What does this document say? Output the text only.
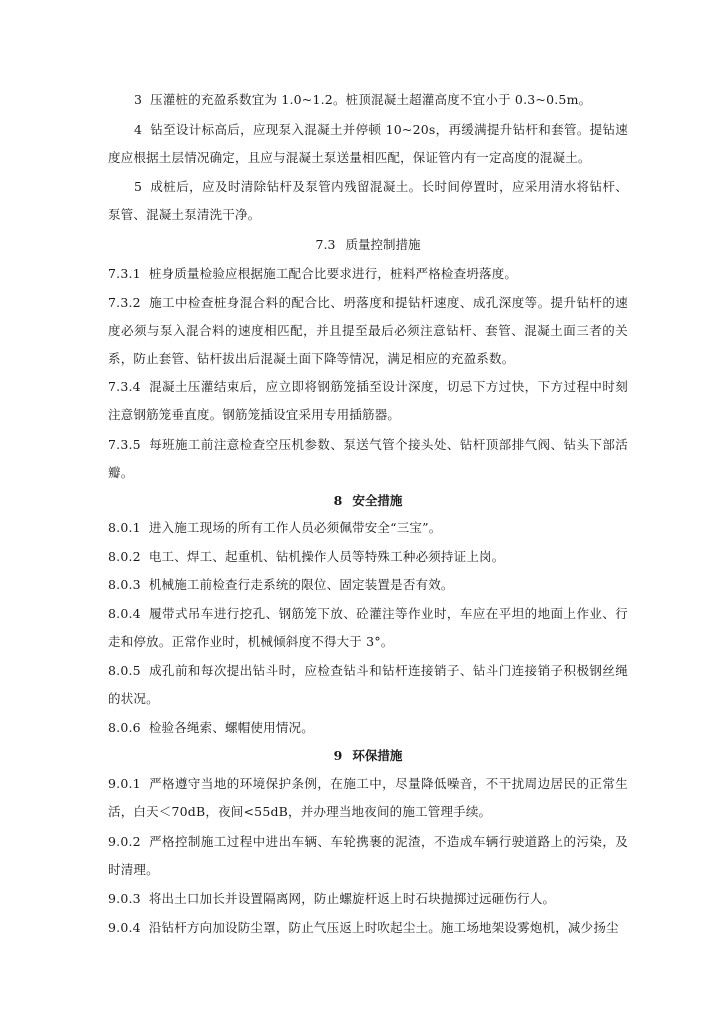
3 压灌桩的充盈系数宜为 1.0~1.2。桩顶混凝土超灌高度不宜小于 0.3~0.5m。
4 钻至设计标高后，应现泵入混凝土并停顿 10~20s，再缓满提升钻杆和套管。提钻速度应根据土层情况确定，且应与混凝土泵送量相匹配，保证管内有一定高度的混凝土。
5 成桩后，应及时清除钻杆及泵管内残留混凝土。长时间停置时，应采用清水将钻杆、泵管、混凝土泵清洗干净。
7.3 质量控制措施
7.3.1 桩身质量检验应根据施工配合比要求进行，桩料严格检查坍落度。
7.3.2 施工中检查桩身混合料的配合比、坍落度和提钻杆速度、成孔深度等。提升钻杆的速度必须与泵入混合料的速度相匹配，并且提至最后必须注意钻杆、套管、混凝土面三者的关系，防止套管、钻杆拔出后混凝土面下降等情况，满足相应的充盈系数。
7.3.4 混凝土压灌结束后，应立即将钢筋笼插至设计深度，切忌下方过快，下方过程中时刻注意钢筋笼垂直度。钢筋笼插设宜采用专用插筋器。
7.3.5 每班施工前注意检查空压机参数、泵送气管个接头处、钻杆顶部排气阀、钻头下部活瓣。
8 安全措施
8.0.1 进入施工现场的所有工作人员必须佩带安全“三宝”。
8.0.2 电工、焊工、起重机、钻机操作人员等特殊工种必须持证上岗。
8.0.3 机械施工前检查行走系统的限位、固定装置是否有效。
8.0.4 履带式吊车进行挖孔、钢筋笼下放、砼灌注等作业时，车应在平坦的地面上作业、行走和停放。正常作业时，机械倾斜度不得大于 3°。
8.0.5 成孔前和每次提出钻斗时，应检查钻斗和钻杆连接销子、钻斗门连接销子积极钢丝绳的状况。
8.0.6 检验各绳索、螺帽使用情况。
9 环保措施
9.0.1 严格遵守当地的环境保护条例，在施工中，尽量降低噪音，不干扰周边居民的正常生活，白天＜70dB，夜间<55dB，并办理当地夜间的施工管理手续。
9.0.2 严格控制施工过程中进出车辆、车轮携裹的泥渣，不造成车辆行驶道路上的污染，及时清理。
9.0.3 将出土口加长并设置隔离网，防止螺旋杆返上时石块抛掷过远砸伤行人。
9.0.4 沿钻杆方向加设防尘罩，防止气压返上时吹起尘土。施工场地架设雾炮机，减少扬尘
